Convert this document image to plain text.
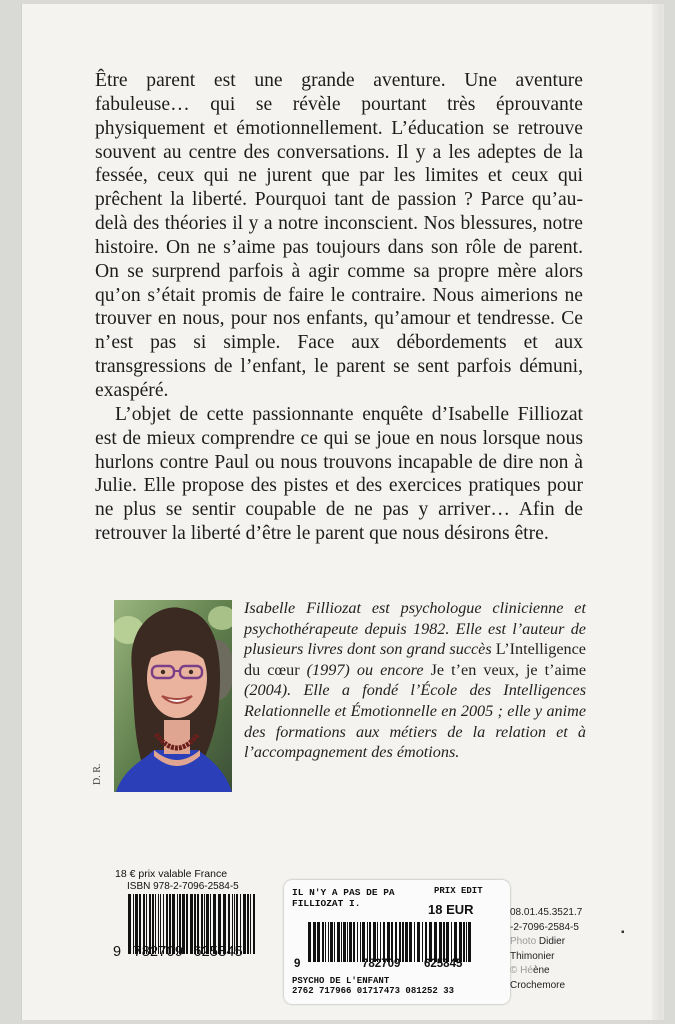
Être parent est une grande aventure. Une aventure fabuleuse… qui se révèle pourtant très éprouvante physiquement et émotionnellement. L’éducation se retrouve souvent au centre des conversations. Il y a les adeptes de la fessée, ceux qui ne jurent que par les limites et ceux qui prêchent la liberté. Pourquoi tant de passion ? Parce qu’au-delà des théories il y a notre inconscient. Nos blessures, notre histoire. On ne s’aime pas toujours dans son rôle de parent. On se surprend parfois à agir comme sa propre mère alors qu’on s’était promis de faire le contraire. Nous aimerions ne trouver en nous, pour nos enfants, qu’amour et tendresse. Ce n’est pas si simple. Face aux débordements et aux transgressions de l’enfant, le parent se sent parfois démuni, exaspéré.

L’objet de cette passionnante enquête d’Isabelle Filliozat est de mieux comprendre ce qui se joue en nous lorsque nous hurlons contre Paul ou nous trouvons incapable de dire non à Julie. Elle propose des pistes et des exercices pratiques pour ne plus se sentir coupable de ne pas y arriver… Afin de retrouver la liberté d’être le parent que nous désirons être.

D. R.
Isabelle Filliozat est psychologue clinicienne et psychothérapeute depuis 1982. Elle est l’auteur de plusieurs livres dont son grand succès L’Intelligence du cœur (1997) ou encore Je t’en veux, je t’aime (2004). Elle a fondé l’École des Intelligences Relationnelle et Émotionnelle en 2005 ; elle y anime des formations aux métiers de la relation et à l’accompagnement des émotions.
18 € prix valable France
ISBN 978-2-7096-2584-5
9 782709 625845
IL N'Y A PAS DE PA
FILLIOZAT I.
PRIX EDIT
18 EUR
9	782709 625845
PSYCHO DE L'ENFANT
2762 717966 01717473 081252 33
08.01.45.3521.7
-2-7096-2584-5
Photo Didier Thimonier
© Héène Crochemore
▪
